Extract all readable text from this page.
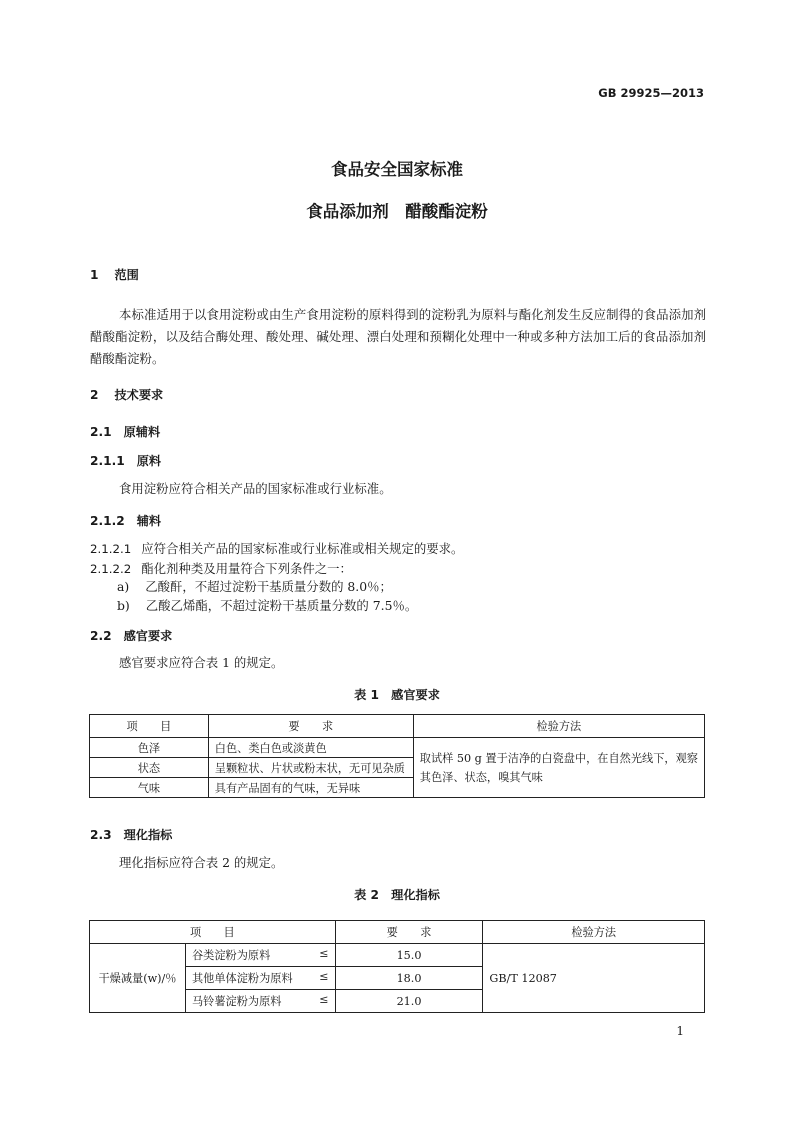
GB 29925—2013
食品安全国家标准
食品添加剂　醋酸酯淀粉
1 范围
本标准适用于以食用淀粉或由生产食用淀粉的原料得到的淀粉乳为原料与酯化剂发生反应制得的食品添加剂醋酸酯淀粉，以及结合酶处理、酸处理、碱处理、漂白处理和预糊化处理中一种或多种方法加工后的食品添加剂醋酸酯淀粉。
2 技术要求
2.1 原辅料
2.1.1 原料
食用淀粉应符合相关产品的国家标准或行业标准。
2.1.2 辅料
2.1.2.1 应符合相关产品的国家标准或行业标准或相关规定的要求。
2.1.2.2 酯化剂种类及用量符合下列条件之一：
a) 乙酸酐，不超过淀粉干基质量分数的 8.0％；
b) 乙酸乙烯酯，不超过淀粉干基质量分数的 7.5％。
2.2 感官要求
感官要求应符合表 1 的规定。
表 1　感官要求
项　　目	要　　求	检验方法
色泽	白色、类白色或淡黄色	取试样 50 g 置于洁净的白瓷盘中，在自然光线下，观察其色泽、状态，嗅其气味
状态	呈颗粒状、片状或粉末状，无可见杂质	
气味	具有产品固有的气味，无异味	
2.3 理化指标
理化指标应符合表 2 的规定。
表 2　理化指标
项　　目		要　　求	检验方法
干燥减量(w)/％	谷类淀粉为原料 ≤	15.0	GB/T 12087

	其他单体淀粉为原料 ≤	18.0	

	马铃薯淀粉为原料 ≤	21.0	
1
